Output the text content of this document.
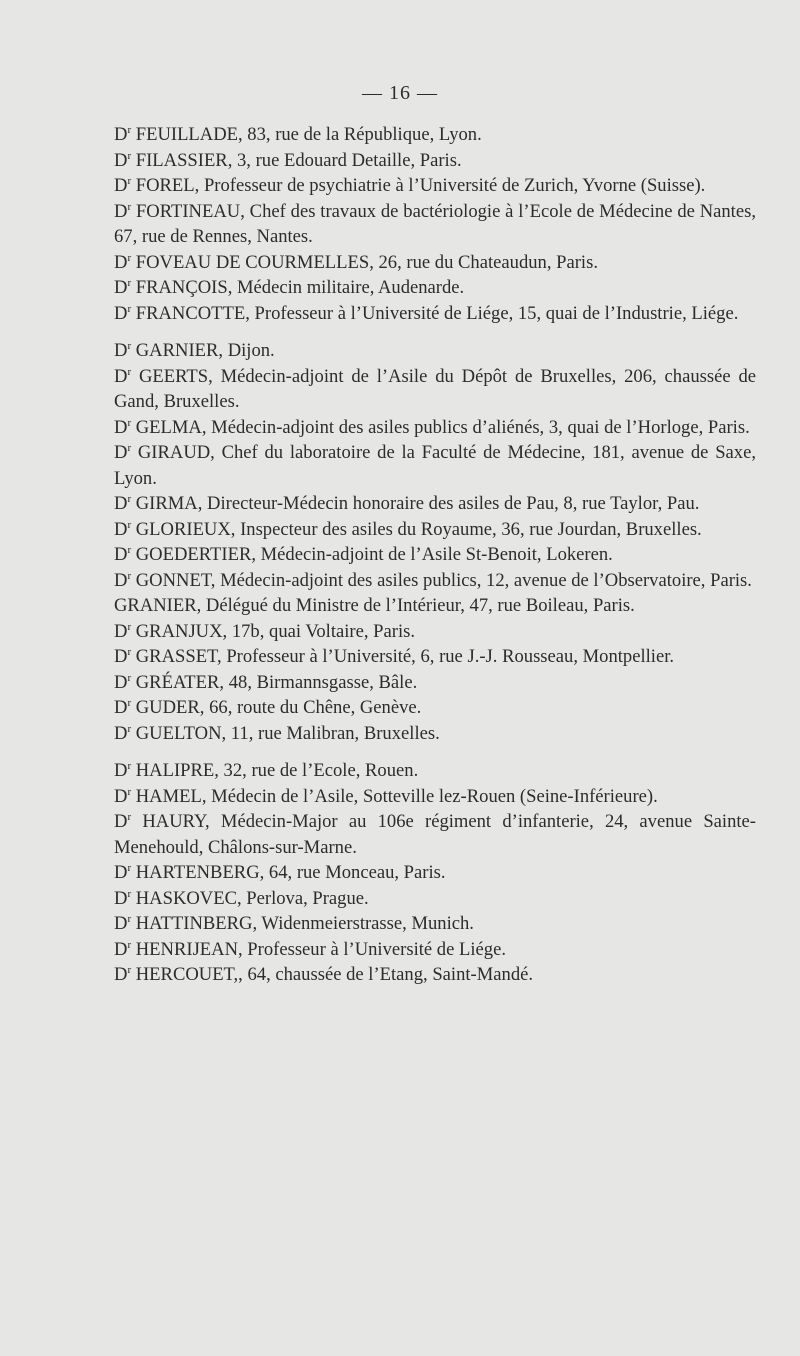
— 16 —

$D^r$ FEUILLADE, 83, rue de la République, Lyon.

$D^r$ FILASSIER, 3, rue Edouard Detaille, Paris.

$D^r$ FOREL, Professeur de psychiatrie à l’Université de Zurich, Yvorne (Suisse).

$D^r$ FORTINEAU, Chef des travaux de bactériologie à l’Ecole de Médecine de Nantes, 67, rue de Rennes, Nantes.

$D^r$ FOVEAU DE COURMELLES, 26, rue du Chateaudun, Paris.

$D^r$ FRANÇOIS, Médecin militaire, Audenarde.

$D^r$ FRANCOTTE, Professeur à l’Université de Liége, 15, quai de l’Industrie, Liége.

$D^r$ GARNIER, Dijon.

$D^r$ GEERTS, Médecin-adjoint de l’Asile du Dépôt de Bruxelles, 206, chaussée de Gand, Bruxelles.

$D^r$ GELMA, Médecin-adjoint des asiles publics d’aliénés, 3, quai de l’Horloge, Paris.

$D^r$ GIRAUD, Chef du laboratoire de la Faculté de Médecine, 181, avenue de Saxe, Lyon.

$D^r$ GIRMA, Directeur-Médecin honoraire des asiles de Pau, 8, rue Taylor, Pau.

$D^r$ GLORIEUX, Inspecteur des asiles du Royaume, 36, rue Jourdan, Bruxelles.

$D^r$ GOEDERTIER, Médecin-adjoint de l’Asile St-Benoit, Lokeren.

$D^r$ GONNET, Médecin-adjoint des asiles publics, 12, avenue de l’Observatoire, Paris.

GRANIER, Délégué du Ministre de l’Intérieur, 47, rue Boileau, Paris.

$D^r$ GRANJUX, 17b, quai Voltaire, Paris.

$D^r$ GRASSET, Professeur à l’Université, 6, rue J.-J. Rousseau, Montpellier.

$D^r$ GRÉATER, 48, Birmannsgasse, Bâle.

$D^r$ GUDER, 66, route du Chêne, Genève.

$D^r$ GUELTON, 11, rue Malibran, Bruxelles.

$D^r$ HALIPRE, 32, rue de l’Ecole, Rouen.

$D^r$ HAMEL, Médecin de l’Asile, Sotteville lez-Rouen (Seine-Inférieure).

$D^r$ HAURY, Médecin-Major au 106e régiment d’infanterie, 24, avenue Sainte-Menehould, Châlons-sur-Marne.

$D^r$ HARTENBERG, 64, rue Monceau, Paris.

$D^r$ HASKOVEC, Perlova, Prague.

$D^r$ HATTINBERG, Widenmeierstrasse, Munich.

$D^r$ HENRIJEAN, Professeur à l’Université de Liége.

$D^r$ HERCOUET,, 64, chaussée de l’Etang, Saint-Mandé.
